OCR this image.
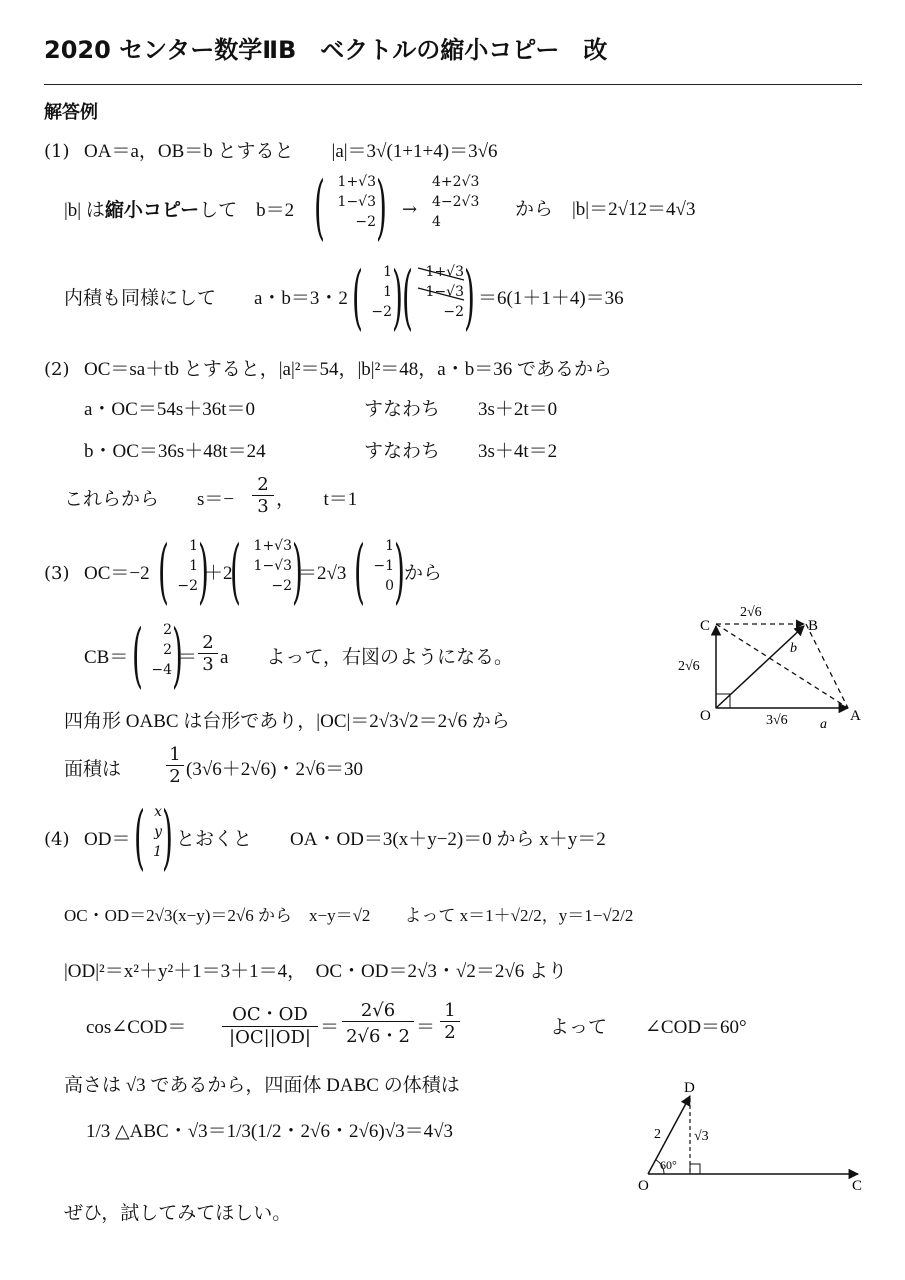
2020 センター数学ⅡB　ベクトルの縮小コピー　改
解答例
(1) OA＝a，OB＝b とすると　　|a|＝3√(1+1+4)＝3√6
|b| は縮小コピーして　b＝2 ( 1+√3
1−√3
−2 ) →
4+2√3
4−2√3
4
から　|b|＝2√12＝4√3
内積も同様にして　　a・b＝3・2 (	1
1
−2 ) ( 1+√3
1−√3
−2 ) ＝6(1＋1＋4)＝36
(2) OC＝sa＋tb とすると，|a|²＝54，|b|²＝48，a・b＝36 であるから
a・OC＝54s＋36t＝0	すなわち　　3s＋2t＝0
b・OC＝36s＋48t＝24	すなわち　　3s＋4t＝2
これらから　　s＝−
2
3 ，　　t＝1
(3) OC＝−2 (	1
1
−2 )
＋2
( 1+√3
1−√3
−2 )
＝2√3 (	1
−1
0 ) から
CB＝ (	2
2
−4 )
＝
2
3 a　　よって，右図のようになる。
四角形 OABC は台形であり，|OC|＝2√3√2＝2√6 から
面積は
1
2 (3√6＋2√6)・2√6＝30
C	B
O	A
a
b
2√6
2√6
3√6
(4) OD＝ ( x
y
1 ) とおくと　　OA・OD＝3(x＋y−2)＝0 から x＋y＝2
OC・OD＝2√3(x−y)＝2√6 から　x−y＝√2　　よって x＝1＋√2/2，y＝1−√2/2
|OD|²＝x²＋y²＋1＝3＋1＝4，　OC・OD＝2√3・√2＝2√6 より
cos∠COD＝
OC・OD
|OC||OD| ＝
2√6
2√6・2 ＝
1
2	よって　　∠COD＝60°
高さは √3 であるから，四面体 DABC の体積は
1/3 △ABC・√3＝1/3(1/2・2√6・2√6)√3＝4√3
ぜひ，試してみてほしい。
D
O	C
2 √3
60°
